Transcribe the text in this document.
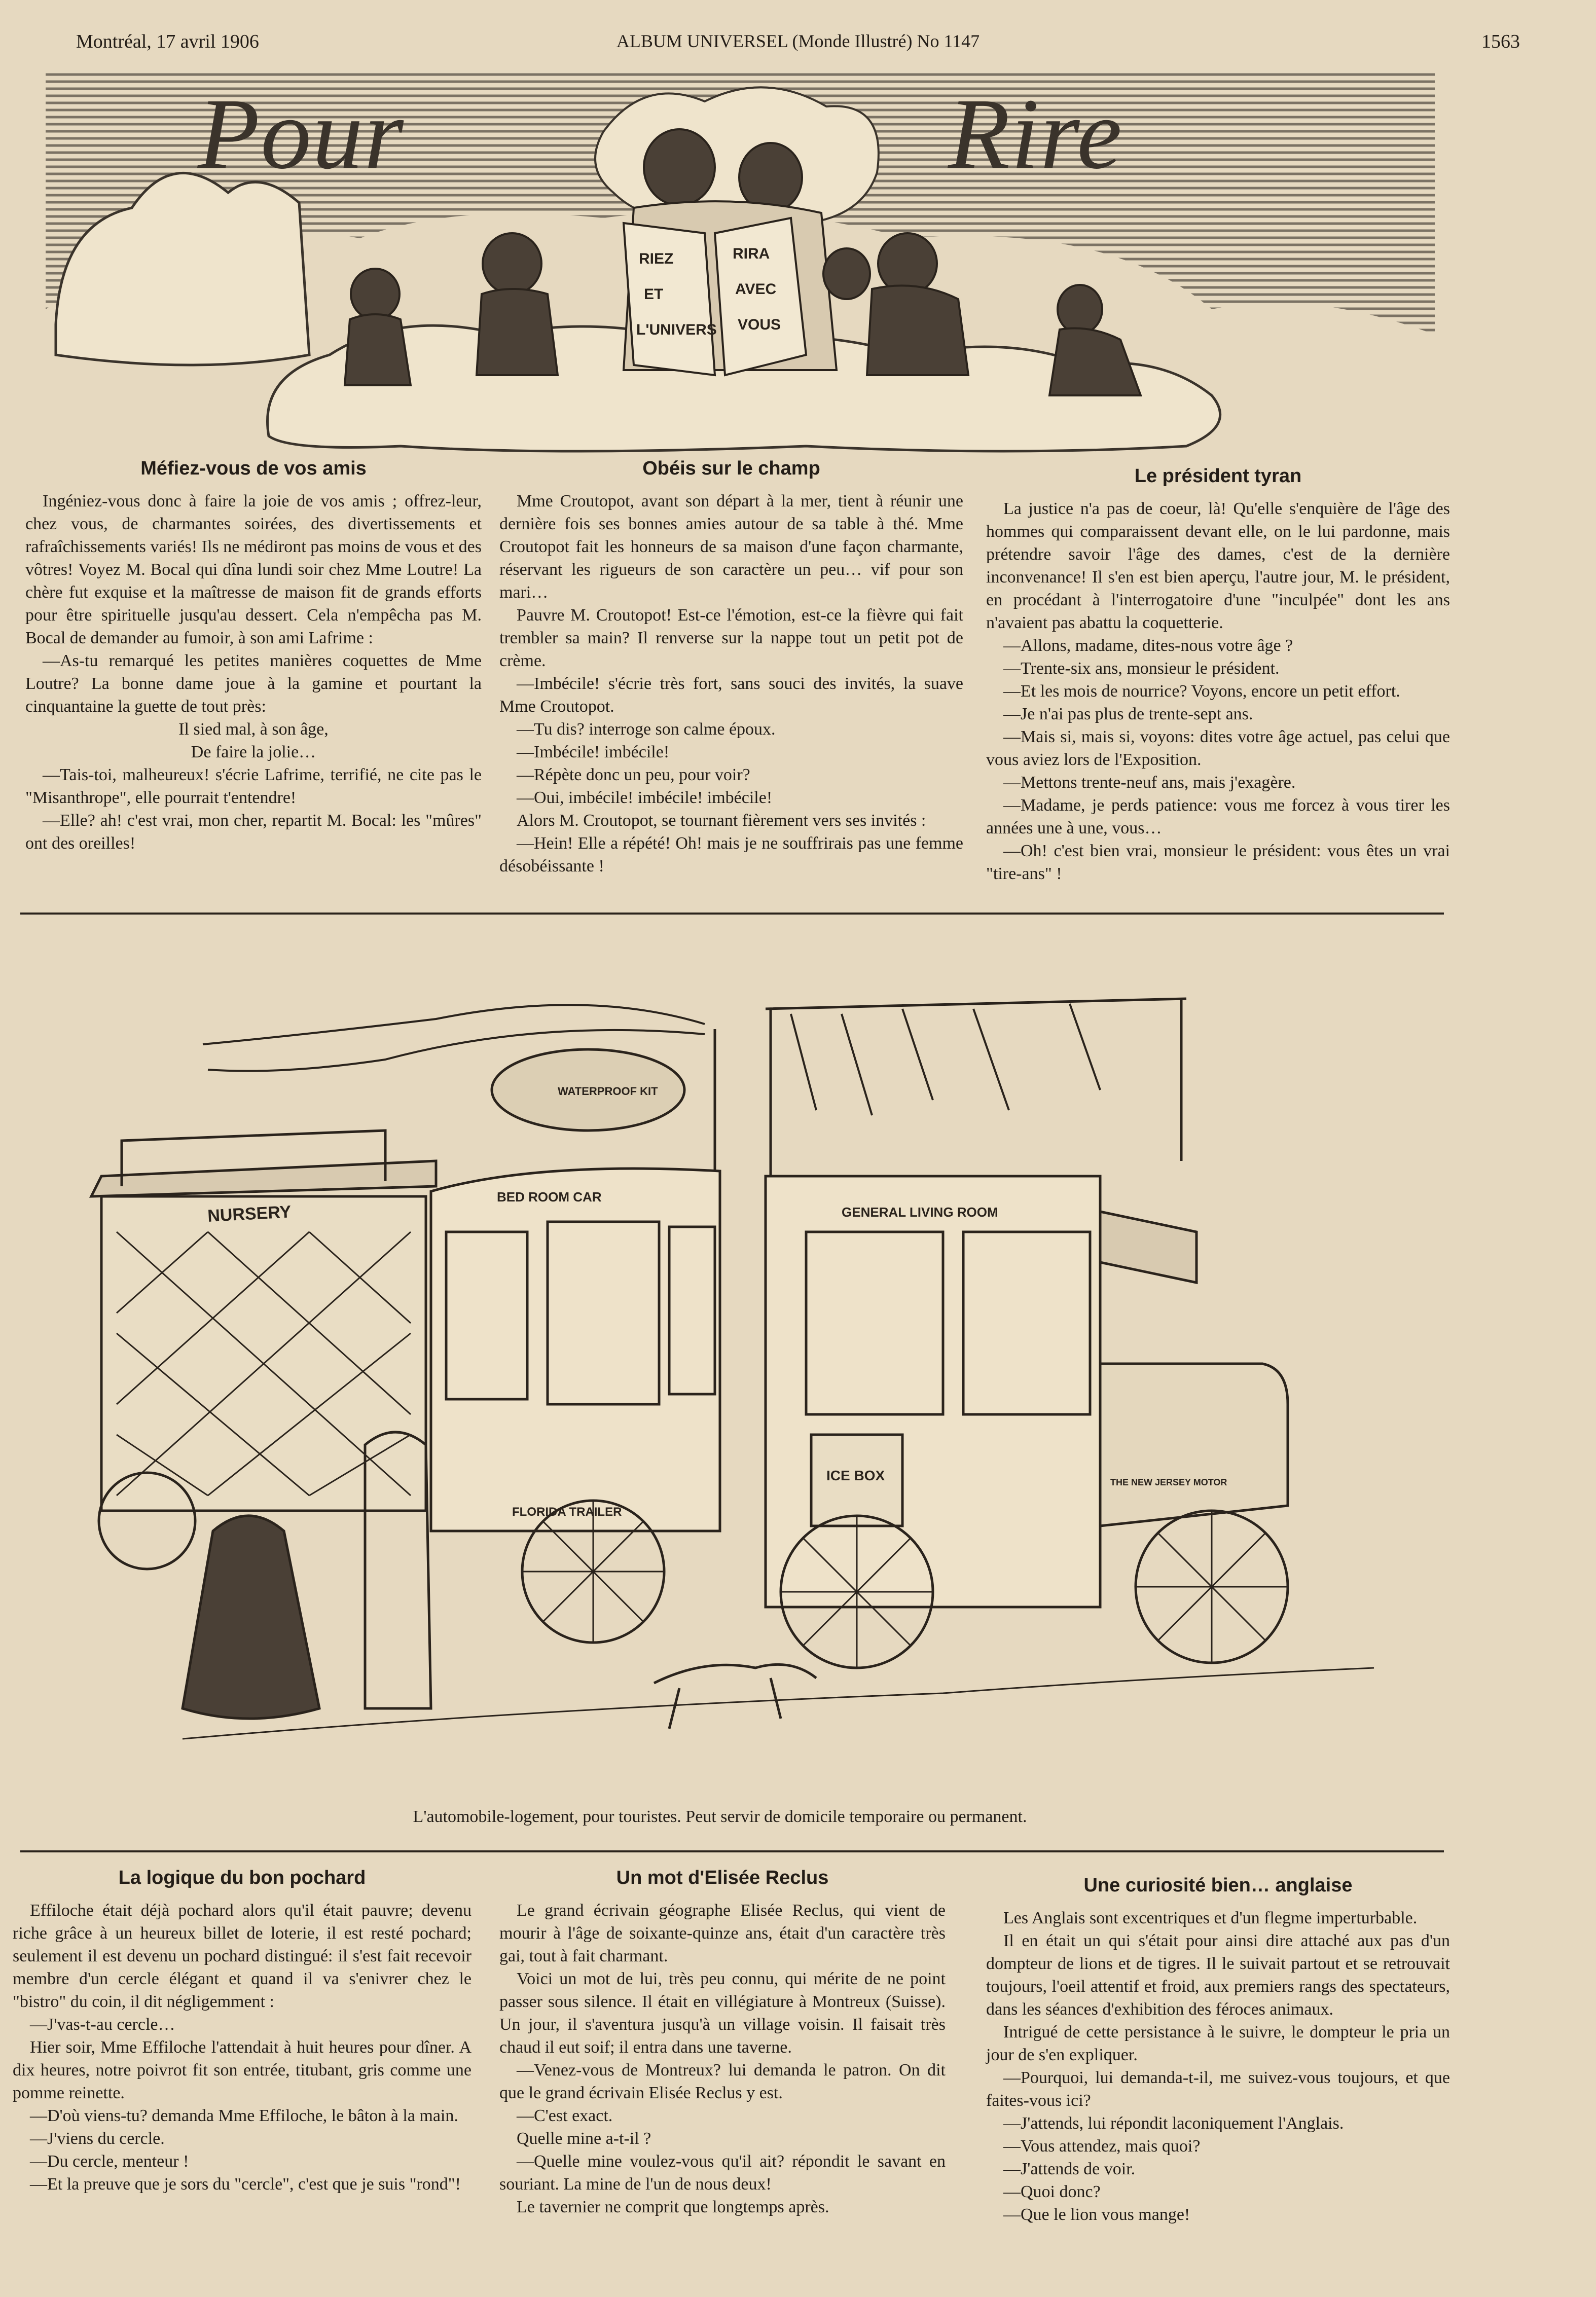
Montréal, 17 avril 1906	ALBUM UNIVERSEL (Monde Illustré) No 1147	1563
RIEZ
ET
L'UNIVERS
RIRA
AVEC
VOUS
Pour	Rire
Méfiez-vous de vos amis

Ingéniez-vous donc à faire la joie de vos amis ; offrez-leur, chez vous, de charmantes soirées, des divertissements et rafraîchissements variés! Ils ne médiront pas moins de vous et des vôtres! Voyez M. Bocal qui dîna lundi soir chez Mme Loutre! La chère fut exquise et la maîtresse de maison fit de grands efforts pour être spirituelle jusqu'au dessert. Cela n'empêcha pas M. Bocal de demander au fumoir, à son ami Lafrime :

—As-tu remarqué les petites manières coquettes de Mme Loutre? La bonne dame joue à la gamine et pourtant la cinquantaine la guette de tout près:

Il sied mal, à son âge,

De faire la jolie…

—Tais-toi, malheureux! s'écrie Lafrime, terrifié, ne cite pas le "Misanthrope", elle pourrait t'entendre!

—Elle? ah! c'est vrai, mon cher, repartit M. Bocal: les "mûres" ont des oreilles!

Obéis sur le champ

Mme Croutopot, avant son départ à la mer, tient à réunir une dernière fois ses bonnes amies autour de sa table à thé. Mme Croutopot fait les honneurs de sa maison d'une façon charmante, réservant les rigueurs de son caractère un peu… vif pour son mari…

Pauvre M. Croutopot! Est-ce l'émotion, est-ce la fièvre qui fait trembler sa main? Il renverse sur la nappe tout un petit pot de crème.

—Imbécile! s'écrie très fort, sans souci des invités, la suave Mme Croutopot.

—Tu dis? interroge son calme époux.

—Imbécile! imbécile!

—Répète donc un peu, pour voir?

—Oui, imbécile! imbécile! imbécile!

Alors M. Croutopot, se tournant fièrement vers ses invités :

—Hein! Elle a répété! Oh! mais je ne souffrirais pas une femme désobéissante !

Le président tyran

La justice n'a pas de coeur, là! Qu'elle s'enquière de l'âge des hommes qui comparaissent devant elle, on le lui pardonne, mais prétendre savoir l'âge des dames, c'est de la dernière inconvenance! Il s'en est bien aperçu, l'autre jour, M. le président, en procédant à l'interrogatoire d'une "inculpée" dont les ans n'avaient pas abattu la coquetterie.

—Allons, madame, dites-nous votre âge ?

—Trente-six ans, monsieur le président.

—Et les mois de nourrice? Voyons, encore un petit effort.

—Je n'ai pas plus de trente-sept ans.

—Mais si, mais si, voyons: dites votre âge actuel, pas celui que vous aviez lors de l'Exposition.

—Mettons trente-neuf ans, mais j'exagère.

—Madame, je perds patience: vous me forcez à vous tirer les années une à une, vous…

—Oh! c'est bien vrai, monsieur le président: vous êtes un vrai "tire-ans" !

NURSERY
BED ROOM CAR
WATERPROOF KIT
GENERAL LIVING ROOM
ICE BOX
FLORIDA TRAILER
THE NEW JERSEY MOTOR
L'automobile-logement, pour touristes. Peut servir de domicile temporaire ou permanent.
La logique du bon pochard

Effiloche était déjà pochard alors qu'il était pauvre; devenu riche grâce à un heureux billet de loterie, il est resté pochard; seulement il est devenu un pochard distingué: il s'est fait recevoir membre d'un cercle élégant et quand il va s'enivrer chez le "bistro" du coin, il dit négligemment :

—J'vas-t-au cercle…

Hier soir, Mme Effiloche l'attendait à huit heures pour dîner. A dix heures, notre poivrot fit son entrée, titubant, gris comme une pomme reinette.

—D'où viens-tu? demanda Mme Effiloche, le bâton à la main.

—J'viens du cercle.

—Du cercle, menteur !

—Et la preuve que je sors du "cercle", c'est que je suis "rond"!

Un mot d'Elisée Reclus

Le grand écrivain géographe Elisée Reclus, qui vient de mourir à l'âge de soixante-quinze ans, était d'un caractère très gai, tout à fait charmant.

Voici un mot de lui, très peu connu, qui mérite de ne point passer sous silence. Il était en villégiature à Montreux (Suisse). Un jour, il s'aventura jusqu'à un village voisin. Il faisait très chaud il eut soif; il entra dans une taverne.

—Venez-vous de Montreux? lui demanda le patron. On dit que le grand écrivain Elisée Reclus y est.

—C'est exact.

Quelle mine a-t-il ?

—Quelle mine voulez-vous qu'il ait? répondit le savant en souriant. La mine de l'un de nous deux!

Le tavernier ne comprit que longtemps après.

Une curiosité bien… anglaise

Les Anglais sont excentriques et d'un flegme imperturbable.

Il en était un qui s'était pour ainsi dire attaché aux pas d'un dompteur de lions et de tigres. Il le suivait partout et se retrouvait toujours, l'oeil attentif et froid, aux premiers rangs des spectateurs, dans les séances d'exhibition des féroces animaux.

Intrigué de cette persistance à le suivre, le dompteur le pria un jour de s'en expliquer.

—Pourquoi, lui demanda-t-il, me suivez-vous toujours, et que faites-vous ici?

—J'attends, lui répondit laconiquement l'Anglais.

—Vous attendez, mais quoi?

—J'attends de voir.

—Quoi donc?

—Que le lion vous mange!
